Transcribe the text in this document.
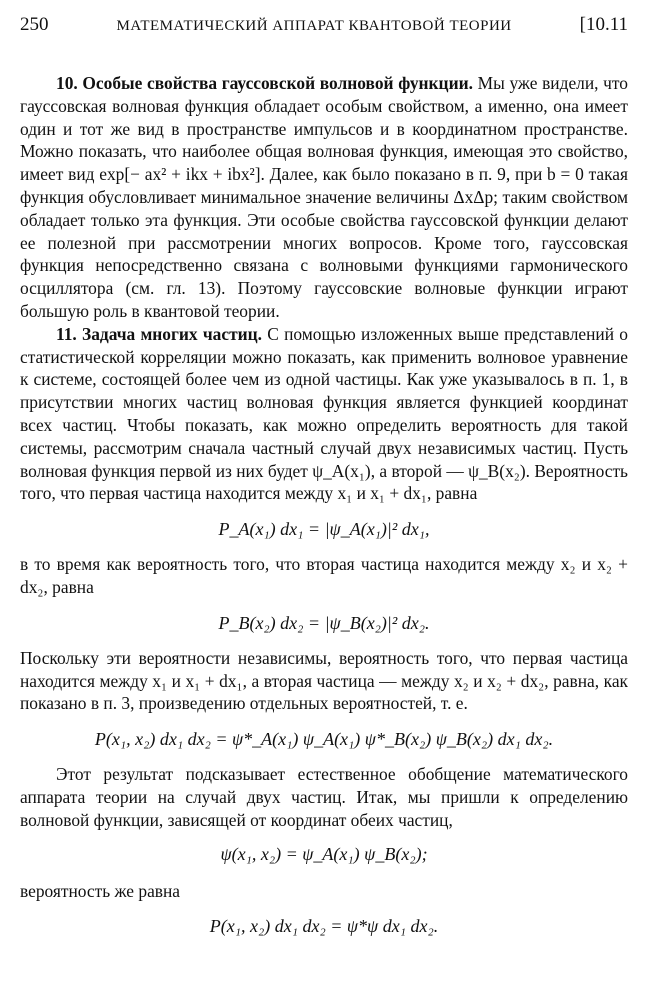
250	МАТЕМАТИЧЕСКИЙ АППАРАТ КВАНТОВОЙ ТЕОРИИ	[10.11

10. Особые свойства гауссовской волновой функции. Мы уже видели, что гауссовская волновая функция обладает особым свойством, а именно, она имеет один и тот же вид в пространстве импульсов и в координатном пространстве. Можно показать, что наиболее общая волновая функция, имеющая это свойство, имеет вид exp[− ax² + ikx + ibx²]. Далее, как было показано в п. 9, при b = 0 такая функция обусловливает минимальное значение величины ΔxΔp; таким свойством обладает только эта функция. Эти особые свойства гауссовской функции делают ее полезной при рассмотрении многих вопросов. Кроме того, гауссовская функция непосредственно связана с волновыми функциями гармонического осциллятора (см. гл. 13). Поэтому гауссовские волновые функции играют большую роль в квантовой теории.

11. Задача многих частиц. С помощью изложенных выше представлений о статистической корреляции можно показать, как применить волновое уравнение к системе, состоящей более чем из одной частицы. Как уже указывалось в п. 1, в присутствии многих частиц волновая функция является функцией координат всех частиц. Чтобы показать, как можно определить вероятность для такой системы, рассмотрим сначала частный случай двух независимых частиц. Пусть волновая функция первой из них будет ψ_A(x₁), а второй — ψ_B(x₂). Вероятность того, что первая частица находится между x₁ и x₁ + dx₁, равна

P_A(x₁) dx₁ = |ψ_A(x₁)|² dx₁,

в то время как вероятность того, что вторая частица находится между x₂ и x₂ + dx₂, равна

P_B(x₂) dx₂ = |ψ_B(x₂)|² dx₂.

Поскольку эти вероятности независимы, вероятность того, что первая частица находится между x₁ и x₁ + dx₁, а вторая частица — между x₂ и x₂ + dx₂, равна, как показано в п. 3, произведению отдельных вероятностей, т. е.

P(x₁, x₂) dx₁ dx₂ = ψ*_A(x₁) ψ_A(x₁) ψ*_B(x₂) ψ_B(x₂) dx₁ dx₂.

Этот результат подсказывает естественное обобщение математического аппарата теории на случай двух частиц. Итак, мы пришли к определению волновой функции, зависящей от координат обеих частиц,

ψ(x₁, x₂) = ψ_A(x₁) ψ_B(x₂);

вероятность же равна

P(x₁, x₂) dx₁ dx₂ = ψ*ψ dx₁ dx₂.
